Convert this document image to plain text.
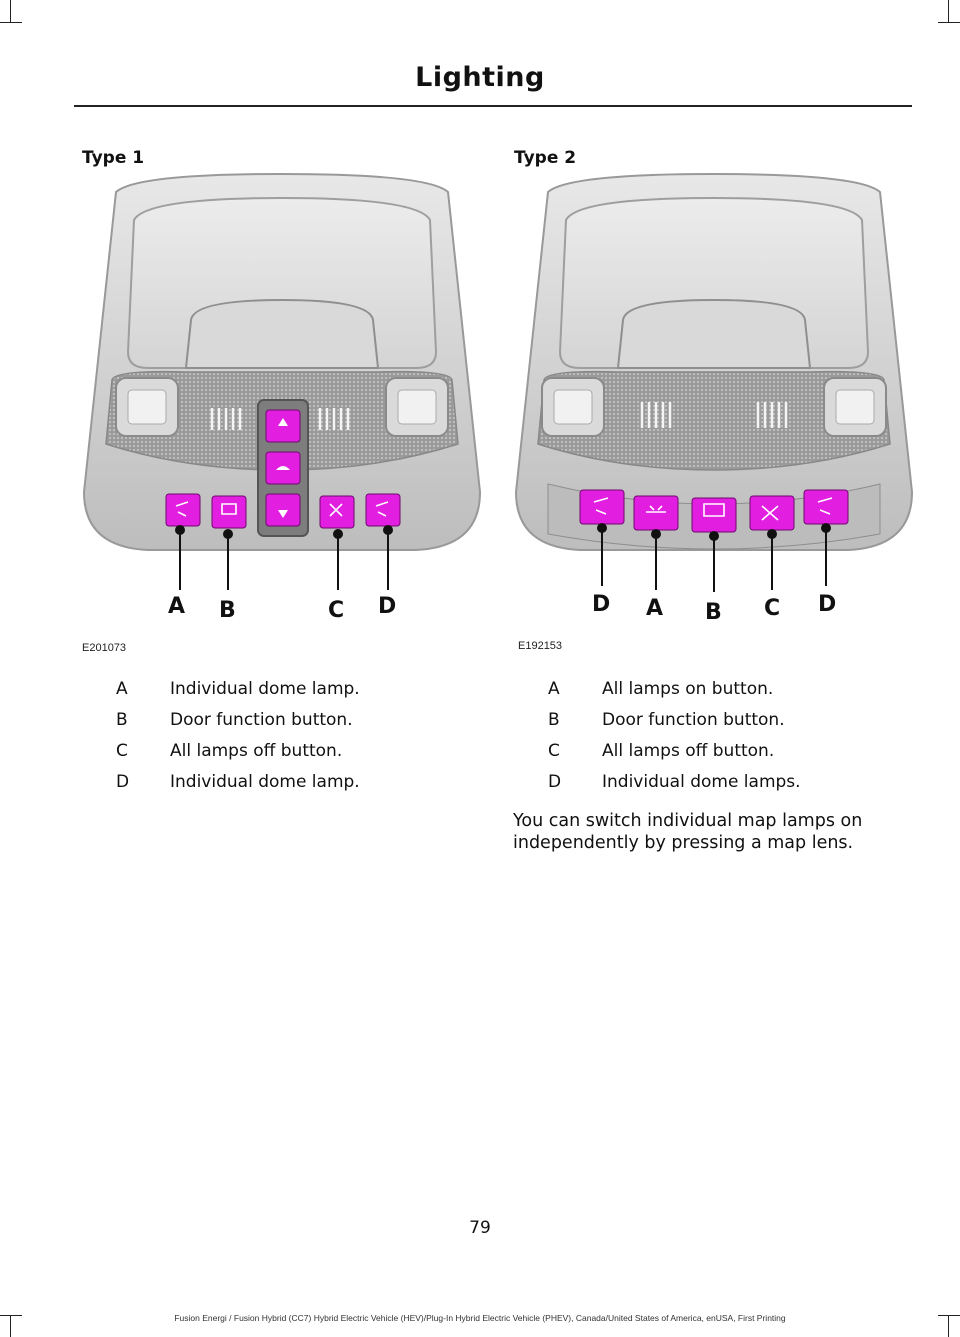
Lighting
Type 1
A B	C D
E201073
A	Individual dome lamp.
B	Door function button.
C	All lamps off button.
D	Individual dome lamp.
Type 2
D A B C D
E192153
A	All lamps on button.
B	Door function button.
C	All lamps off button.
D	Individual dome lamps.
You can switch individual map lamps on independently by pressing a map lens.
79
Fusion Energi / Fusion Hybrid (CC7) Hybrid Electric Vehicle (HEV)/Plug-In Hybrid Electric Vehicle (PHEV), Canada/United States of America, enUSA, First Printing
